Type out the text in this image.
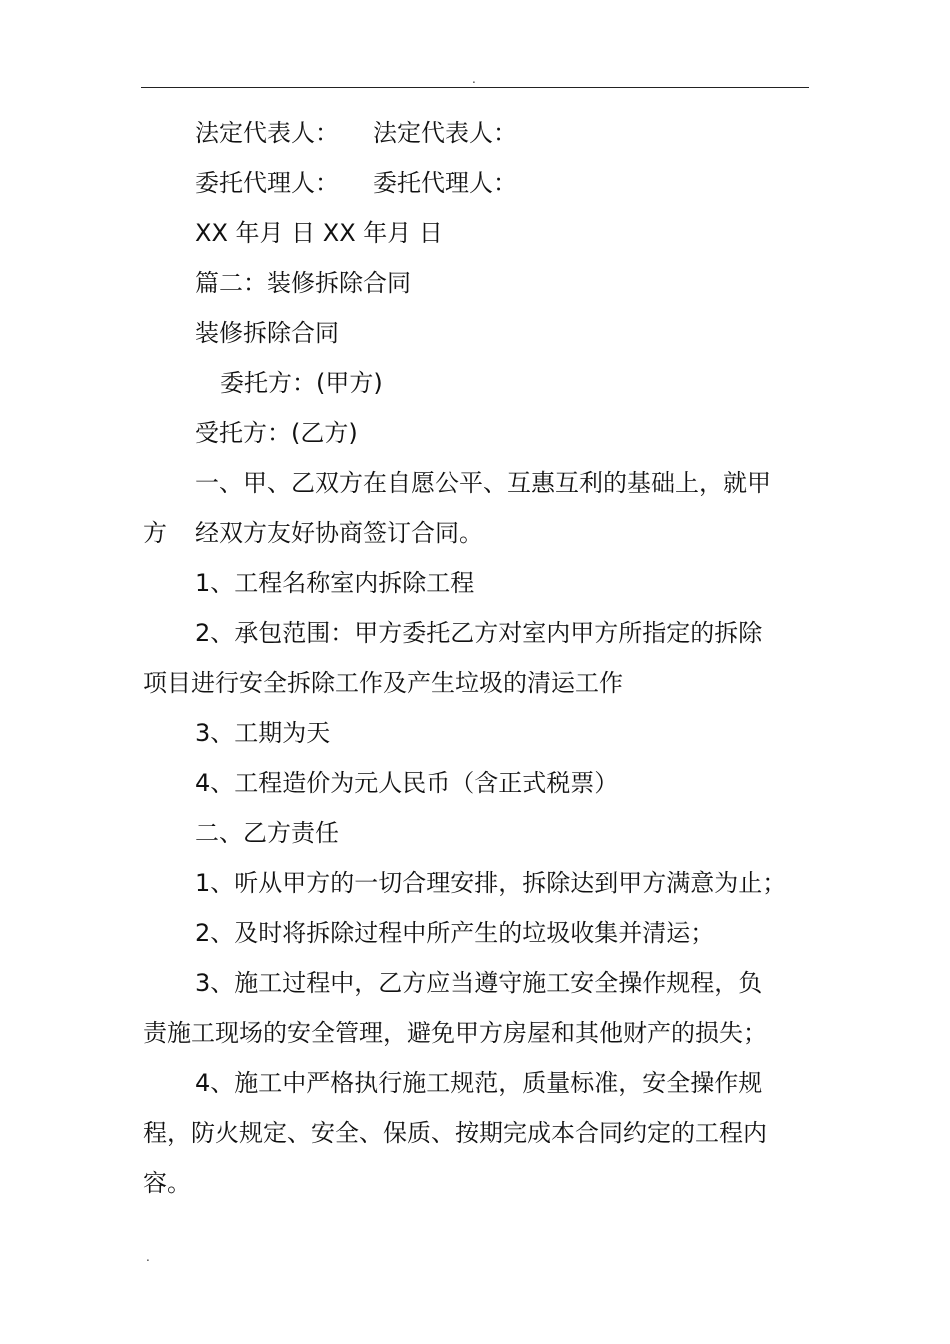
.
法定代表人： 法定代表人：
委托代理人： 委托代理人：
XX 年月 日 XX 年月 日
篇二：装修拆除合同
装修拆除合同
委托方：(甲方)
受托方：(乙方)
一、甲、乙双方在自愿公平、互惠互利的基础上，就甲
方 经双方友好协商签订合同。
1、工程名称室内拆除工程
2、承包范围：甲方委托乙方对室内甲方所指定的拆除
项目进行安全拆除工作及产生垃圾的清运工作
3、工期为天
4、工程造价为元人民币（含正式税票）
二、乙方责任
1、听从甲方的一切合理安排，拆除达到甲方满意为止；
2、及时将拆除过程中所产生的垃圾收集并清运；
3、施工过程中，乙方应当遵守施工安全操作规程，负
责施工现场的安全管理，避免甲方房屋和其他财产的损失；
4、施工中严格执行施工规范，质量标准，安全操作规
程，防火规定、安全、保质、按期完成本合同约定的工程内
容。
.
